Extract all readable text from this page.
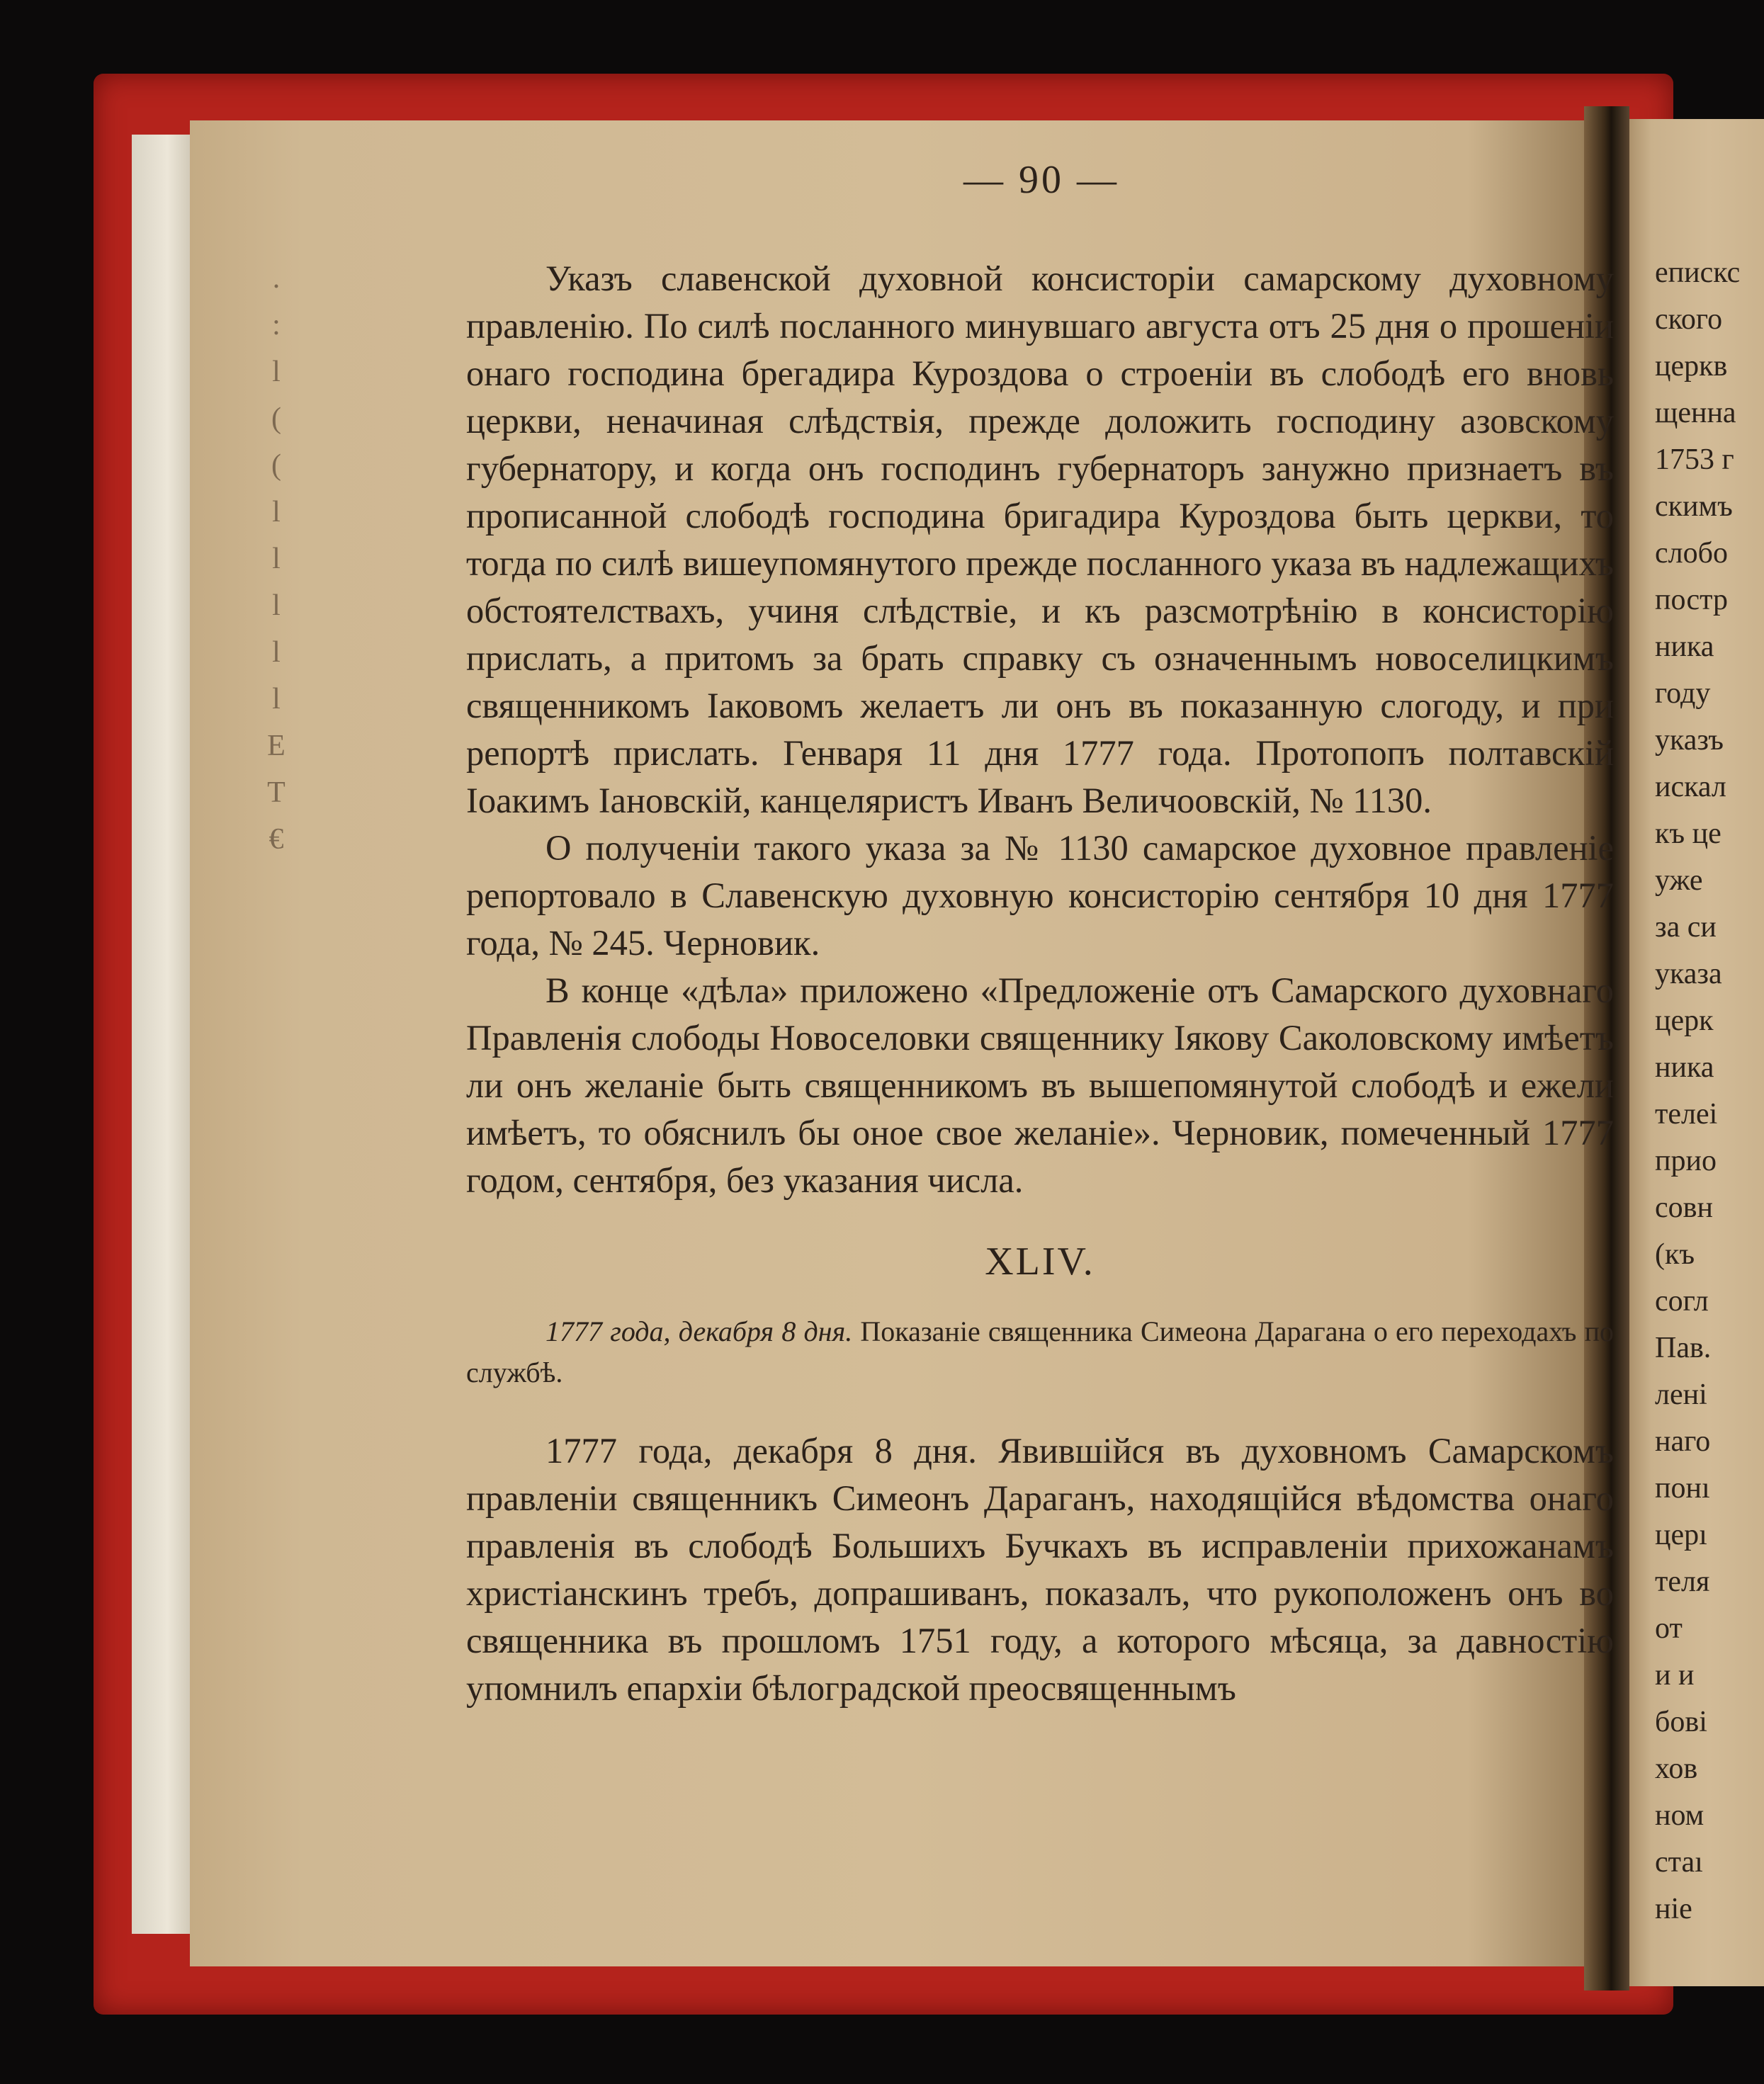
.
:
l
(
(
l
l
l
l
l
E
T
€
— 90 —

Указъ славенской духовной консисторіи самарскому духовному правленію. По силѣ посланного минувшаго августа отъ 25 дня о прошеніи онаго господина брегадира Куроздова о строеніи въ слободѣ его вновь церкви, неначиная слѣдствія, прежде доложить господину азовскому губернатору, и когда онъ господинъ губернаторъ занужно признаетъ въ прописанной слободѣ господина бригадира Куроздова быть церкви, то тогда по силѣ вишеупомянутого прежде посланного указа въ надлежащихъ обстоятелствахъ, учиня слѣдствіе, и къ разсмотрѣнію в консисторію прислать, а притомъ за брать справку съ означеннымъ новоселицкимъ священникомъ Іаковомъ желаетъ ли онъ въ показанную слогоду, и при репортѣ прислать. Генваря 11 дня 1777 года. Протопопъ полтавскій Іоакимъ Іановскій, канцеляристъ Иванъ Величоовскій, № 1130.

О полученіи такого указа за № 1130 самарское духовное правленіе репортовало в Славенскую духовную консисторію сентября 10 дня 1777 года, № 245. Черновик.

В конце «дѣла» приложено «Предложеніе отъ Самарского духовнаго Правленія слободы Новоселовки священнику Іякову Саколовскому имѣетъ ли онъ желаніе быть священникомъ въ вышепомянутой слободѣ и ежели имѣетъ, то обяснилъ бы оное свое желаніе». Черновик, помеченный 1777 годом, сентября, без указания числа.

XLIV.

1777 года, декабря 8 дня. Показаніе священника Симеона Дарагана о его переходахъ по службѣ.

1777 года, декабря 8 дня. Явившійся въ духовномъ Самарскомъ правленіи священникъ Симеонъ Дараганъ, находящійся вѣдомства онаго правленія въ слободѣ Большихъ Бучкахъ въ исправленіи прихожанамъ христіанскинъ требъ, допрашиванъ, показалъ, что рукоположенъ онъ во священника въ прошломъ 1751 году, а которого мѣсяца, за давностію упомнилъ епархіи бѣлоградской преосвященнымъ

епискс
ского
церкв
щенна
1753 г
скимъ
слобо
постр
ника
году
указъ
искал
къ це
уже
за си
указа
церк
ника
телеі
прио
совн
(къ
согл
Пав.
лені
наго
понı
церı
теля
от
и и
бові
хов
ном
стаı
ніе
